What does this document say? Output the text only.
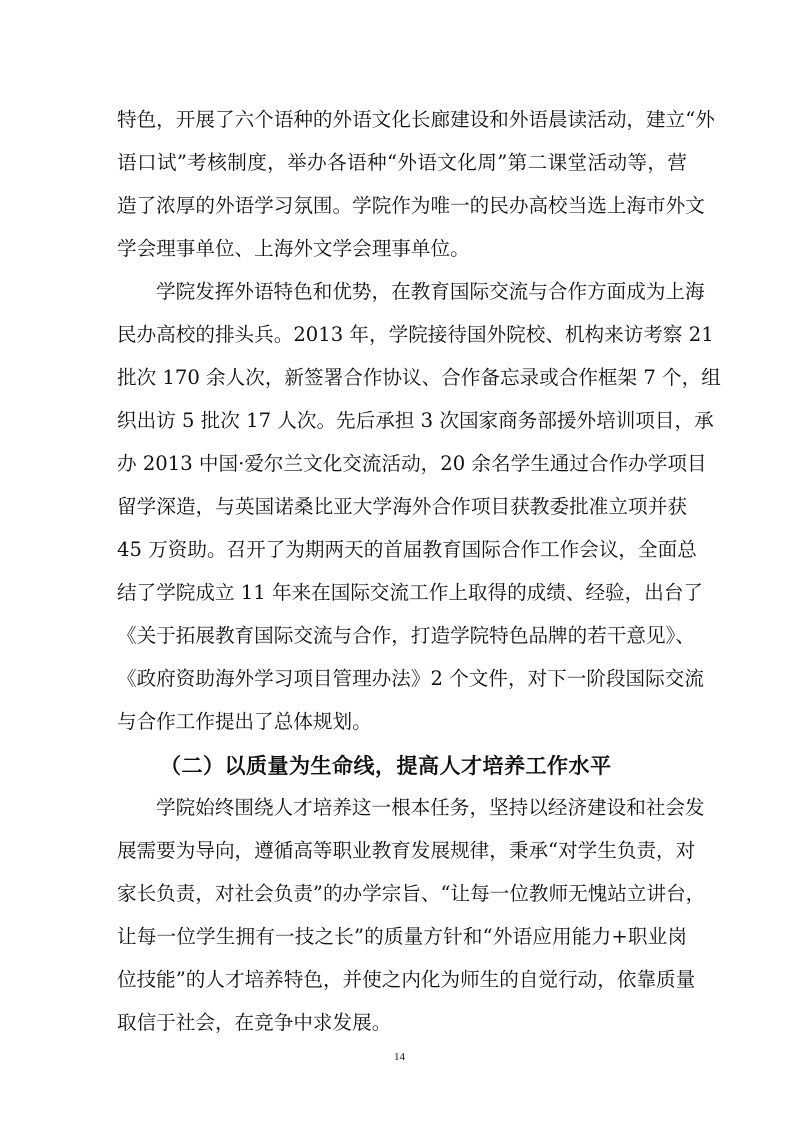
特色，开展了六个语种的外语文化长廊建设和外语晨读活动，建立“外
语口试”考核制度，举办各语种“外语文化周”第二课堂活动等，营
造了浓厚的外语学习氛围。学院作为唯一的民办高校当选上海市外文
学会理事单位、上海外文学会理事单位。
学院发挥外语特色和优势，在教育国际交流与合作方面成为上海
民办高校的排头兵。2013 年，学院接待国外院校、机构来访考察 21
批次 170 余人次，新签署合作协议、合作备忘录或合作框架 7 个，组
织出访 5 批次 17 人次。先后承担 3 次国家商务部援外培训项目，承
办 2013 中国·爱尔兰文化交流活动，20 余名学生通过合作办学项目
留学深造，与英国诺桑比亚大学海外合作项目获教委批准立项并获
45 万资助。召开了为期两天的首届教育国际合作工作会议，全面总
结了学院成立 11 年来在国际交流工作上取得的成绩、经验，出台了
《关于拓展教育国际交流与合作，打造学院特色品牌的若干意见》、
《政府资助海外学习项目管理办法》2 个文件，对下一阶段国际交流
与合作工作提出了总体规划。
（二）以质量为生命线，提高人才培养工作水平
学院始终围绕人才培养这一根本任务，坚持以经济建设和社会发
展需要为导向，遵循高等职业教育发展规律，秉承“对学生负责，对
家长负责，对社会负责”的办学宗旨、“让每一位教师无愧站立讲台，
让每一位学生拥有一技之长”的质量方针和“外语应用能力+职业岗
位技能”的人才培养特色，并使之内化为师生的自觉行动，依靠质量
取信于社会，在竞争中求发展。
14
